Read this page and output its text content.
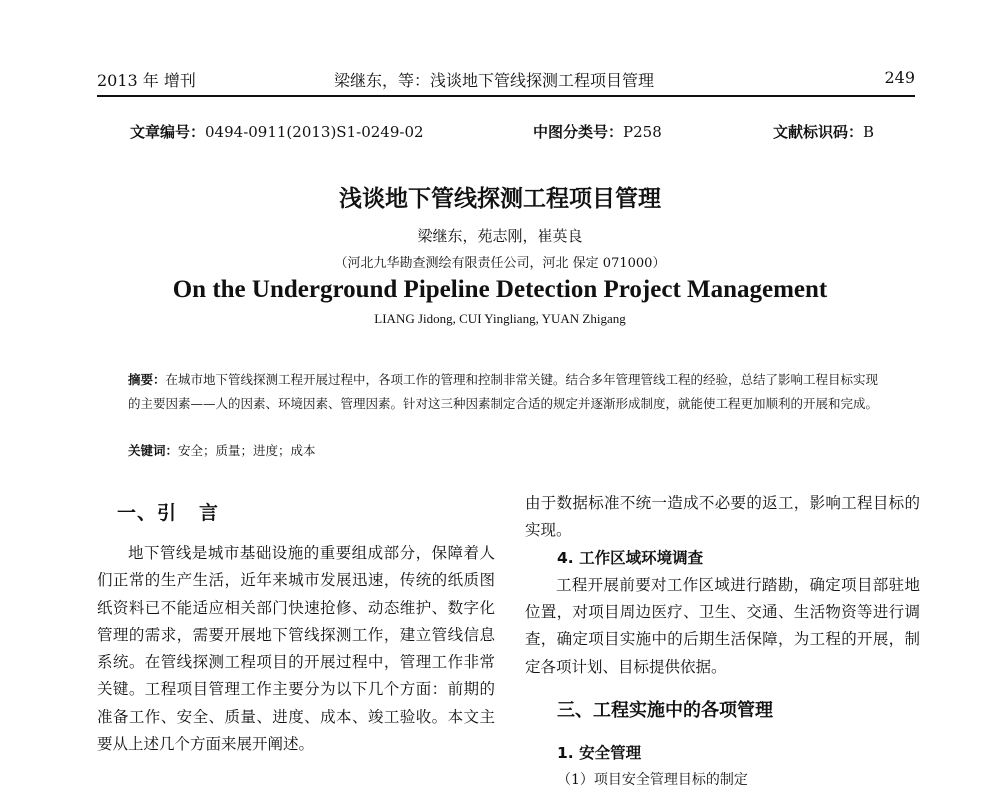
2013 年 增刊	梁继东，等：浅谈地下管线探测工程项目管理	249
文章编号：0494-0911(2013)S1-0249-02	中图分类号：P258	文献标识码：B
浅谈地下管线探测工程项目管理
梁继东，苑志刚，崔英良
（河北九华勘查测绘有限责任公司，河北 保定 071000）
On the Underground Pipeline Detection Project Management
LIANG Jidong, CUI Yingliang, YUAN Zhigang
摘要：在城市地下管线探测工程开展过程中，各项工作的管理和控制非常关键。结合多年管理管线工程的经验，总结了影响工程目标实现的主要因素——人的因素、环境因素、管理因素。针对这三种因素制定合适的规定并逐渐形成制度，就能使工程更加顺利的开展和完成。
关键词：安全；质量；进度；成本
一、引 言

地下管线是城市基础设施的重要组成部分，保障着人们正常的生产生活，近年来城市发展迅速，传统的纸质图纸资料已不能适应相关部门快速抢修、动态维护、数字化管理的需求，需要开展地下管线探测工作，建立管线信息系统。在管线探测工程项目的开展过程中，管理工作非常关键。工程项目管理工作主要分为以下几个方面：前期的准备工作、安全、质量、进度、成本、竣工验收。本文主要从上述几个方面来展开阐述。

由于数据标准不统一造成不必要的返工，影响工程目标的实现。

4. 工作区域环境调查

工程开展前要对工作区域进行踏勘，确定项目部驻地位置，对项目周边医疗、卫生、交通、生活物资等进行调查，确定项目实施中的后期生活保障，为工程的开展，制定各项计划、目标提供依据。

三、工程实施中的各项管理
1. 安全管理
（1）项目安全管理目标的制定
